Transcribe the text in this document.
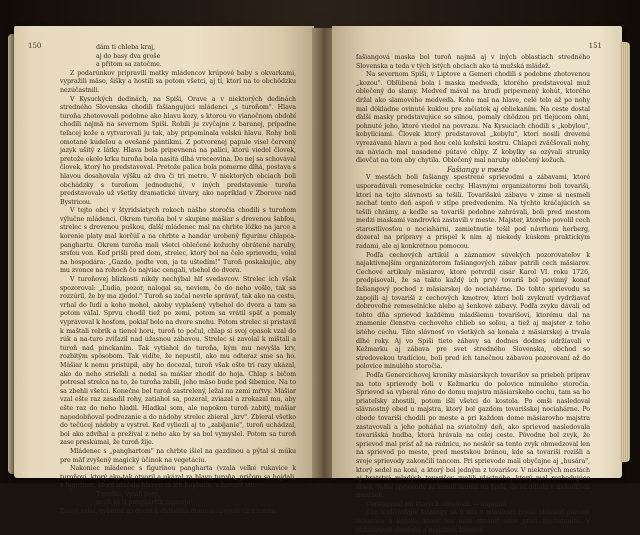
150	dám ti chleba kraj,

aj do basy dva groše

a přitom sa zatočme.

Z podarúnkov pripravili matky mládencov krúpové baby s okvarkami, vypražili mäso, šišky a hostili sa potom všetci, aj tí, ktorí na to obchôdzku nezúčastnili.

V Kysuckých dedinách, na Spiši, Orave a v niektorých dedinách stredného Slovenska chodili fašiangujúci mládenci „s turoňom". Hlava turoňa zhotovovali podobne ako hlavu kozy, s ktorou vo vianočnom období chodili najmä na severnom Spiši. Robili ju zvyčajne z baranej, prípadne teľacej kože a vytvarovali ju tak, aby pripomínala volskú hlavu. Rohy boli omotané kúdeľou a ovešané pántikmi. Z potvorenej papule visel červený jazyk ušitý z látky. Hlava bola pripevnená na palici, ktorú viedol človek, pretože okolo krku turoňa bola nasitá dlhá vreceovina. Do nej sa schovával človek, ktorý ho predstavoval. Pretože palica bola pomerne dlhá, postava s hlavou dosahovala výšku až dva či tri metre. V niektorých obciach boli obchádzky s turoňom jednoduché, v iných predstavenie turoňa predstavovalo už všetky dramatické útvary, ako napríklad v Zborove nad Bystricou.

V tejto obci v štyridsiatych rokoch nášho storočia chodili s turoňom výlučne mládenci. Okrem turoňa bol v skupine mášiar s drevenou šabľou, strelec s drevenou puškou, ďalší mládenec mal na chrbte lôžko na jarce a korenie platy mal korčúľ a na chrbte a handár urobený figurínu chlapca-panghartu. Okrem turoňa mali všetci oblečené kožuchy obrátené naruby, srsťou von. Keď prišli pred dom, strelec, ktorý bol na čele sprievodu, volal na hospodára: „Gazdo, poďte von, ja ta uštedím!" Turoň poskakujúc, aby mu zvonce na rohoch čo najviac cengali, vbehol do dvora.

V turoňovej blízkosti nikdy nechýbal hlf svedavcov. Strelec ich však spozoroval: „Ľudia, pozor, nalogal sa, neviem, čo do neho vošlo, tak sa rozzúril, že by ma zjedol." Turoň sa začal nevrle správať, tak ako na cestu, vrhal do ľudí a koho mohol, akoby vyplašený vybehol do dvora a tam sa potom váľal. Sprvu chodil tiež po zemi, potom sa vrátil späť a pomaly vyprávoval k hosťom, pokiaľ bolo na dvore snehu. Potom strelec si pristavil k maštali rebrík a tienol horu, turoň to počul, chlap si svoj opasok vzal do rúk a na-turo zvíťazil nad úžasnou zábavou. Strelec si zavolal k mištali a turoň nad pinckaním. Tak vytiahol do turoňa, kým mu nevyšla krv, rozbitým spôsobom. Tak vidíte, že nepustil, ako mu odteraz sme sa ho. Mášiar k nemu pristúpil, aby ho docezal, turoň však ešte tri razy ukázal, ako do neho strieľali a nedal sa mášiar zhodiť do hoja. Chlap s bičom potresal strelca na to, že turoňa zabili, jeho mäso bude pod šibenice. Na to sa zbehli všetci. Konečne bol turoň zastrelený, ležal na zemi mŕtvy. Mášiar vzal ešte raz zasadil rohy, zatiahol sa, pozeral, zviazal a zrokazal mu, aby ešte raz do neho hladil. Hladkal som, ale napokon turoň zabitý, mášiar napodobňoval podrezanie a do nádoby strelec zbieral „krv". Zbieral všetko do tečúcej nádoby a vystrel. Keď vyliezli aj to „zabíjanie", turoň uchádzal, bol ako zdvíhal a prežíval z neho ako by sa bol vymyslel. Potom sa turoň zase preskúmal, že turoň žije.

Mládenec s „panghartom" na chrbte išiel na gazdinou a pýtal si múku pre mäf zvyšený magický účinok na vegetáciu.

Nakoniec mládenec s figurínou pangharta (vzala veľké rukavice k turoňovi, ktorý ako-tak otvoril a ukázal za hlavu turoňa, pričom sa hojdali, s figurínou, ktorá otáčala hlavou za ich hojdania, a hovoril mu:

Turoško, vstaň hore,

nech sa ti panghartík zasmeje!

Turoň vstal, vybehol zo dvora k ďalšiemu domu a spievali už v tomto.

151

fašiangová maska bol turoň najmä aj v iných oblastiach stredného Slovenska a teda v tých istých obciach ako tá mužská mládež.

Na severnom Spiši, v Liptove a Gemeri chodili s podobne zhotovenou „kozou". Obľúbená bola i maska medveďa, ktorého predstavoval muž oblečený do slamy. Medveď mával na hrudi pripevnený kohút, ktorého držal ako slamového medveďa. Koho mal na hlave, celé telo až po nohy mal dôkladne ovinuté kuklou pre začiatok aj obliekaním. Na ceste dostal ďalší masky predstavujúce so silnou, pomaly chôdzou pri tlejúcom ohni, pohnuté jeho, ktoré viedol na povrazu. Na Kysuciach chodili s „kobylou", kobyliciami. Človek ktorý predstavoval „kobylu", ktorí nosili drevenú vyrezávanú hlavu a pod ňou celú koňskú kostru. Chlapci zväčšovali nohy, na náviach mal nasadené pútavé chlpy. Z kobylky sa ozývali strunky dievčat na tom aby chytila. Oblečený mal naruby oblečený kožuch.

Fašiangy v meste

V mestách boli fašiangy spestrené sprievodmi a zábavami, ktoré usporadúvali remeselnícke cechy. Hlavnými organizátormi boli tovariši, ktorí na tejto slávnosti sa tešili. Tovarišskú zábavu v zime si nesmeli nechať tento deň aspoň v stĺpe predvedením. Na týchto kráčajúcich sa tešili chrámy, a keďže sa tovariši podobne zahrávali, boli pred mestom medzi maskami vandrovkú zastavili v meste. Majster, ktorého povolil cech starostlivosťou o nociahárni, zamietnutie tešil pod návrhom herberg, dozeral na prípravy a prispel k nim aj niekedy kúskom praktickým radami, ale aj konkrétnou pomocou.

Podľa cechových artikúl a záznamov súvekých pozorovateľov k najaktívnejším organizátorom fašiangových zábav patrili cech mäsiarov. Cechové artikuly mäsiarov, ktoré potvrdil cisár Karol VI. roku 1726, predpisovali, že sa takto každý ich prvý tovariš bol povinný konať fašiangový pochod z mäsiarskej do nociahárne. Do tohto sprievodu sa zapojili aj tovariši z cechových kmotrov, ktorí boli zvyknutí vydržiavať dobrovoľné remeselnícke alebo aj šenkové zábavy. Podľa zvyku dávali od tohto dňa sprievod každému mladšiemu tovarišovi, ktorému dal na znamenie členstva cechového chlieb so soľou, a tiež aj majster z toho istého cechu. Táto slávnosť vo všetkých sa konala z mäsiarskej a trvala dlhé roky. Aj vo Spiši tieto zábavy sa dodnes dodnes udržiavali v Kežmarku aj zábava pre svet stredného Slovenska, obchod so stredovekou tradíciou, boli pred ich tanečnou zábavou pozorovaní až do polovice minulého storočia.

Podľa Genercichovej kroniky mäsiarskych tovarišov sa priebeh príprav na toto sprievody boli v Kežmarku do polovice minulého storočia. Sprievod sa vyberal ráno do domu majstra mäsiarskeho cechu, tam sa ho priateľsky zhostili, potom išli všetci do kostola. Po omši nasledoval slávnostný obed u majstra, ktorý bol gazdom tovarišskej nociahárne. Po obede tovariši chodili po meste a pri každom dome mäsiarovho majstra zastavovali a jeho poháňal na sviatočný deň, ako sprievod nasledovala tovarišská hudba, ktorá hrávala na celej ceste. Pôvodne bol zvyk, že sprievod mal prísť až na radnicu, no neskôr sa tento zvyk obmedzoval len na sprievod po meste, pred mestskou bránou, kde sa tovariši rozišli a svoje sprievody zakončili tancom. Pri sprievode mali obyčajne aj „husára", ktorý sedel na koni, a ktorý bol jedným z tovarišov. V niektorých mestách aj bratstvá mladých tovarišov zvolili vlastného, ktorý mal rozhodujúce slovo. Veľké sprievody sa konali najmä na Spiši, čo sa udialo v niekoľkých mestách.

Ceremoniál pri ktorých obradoch — kúpanie.

Cez tepl(i)eďajie fašiangy sa u nás v minulosti zvykli obliekať plátené nohavice a košeľu, ktoré mu mali chrániť odev pred znečistením. V prítomnosti chudoby a majstrov, ktorých
